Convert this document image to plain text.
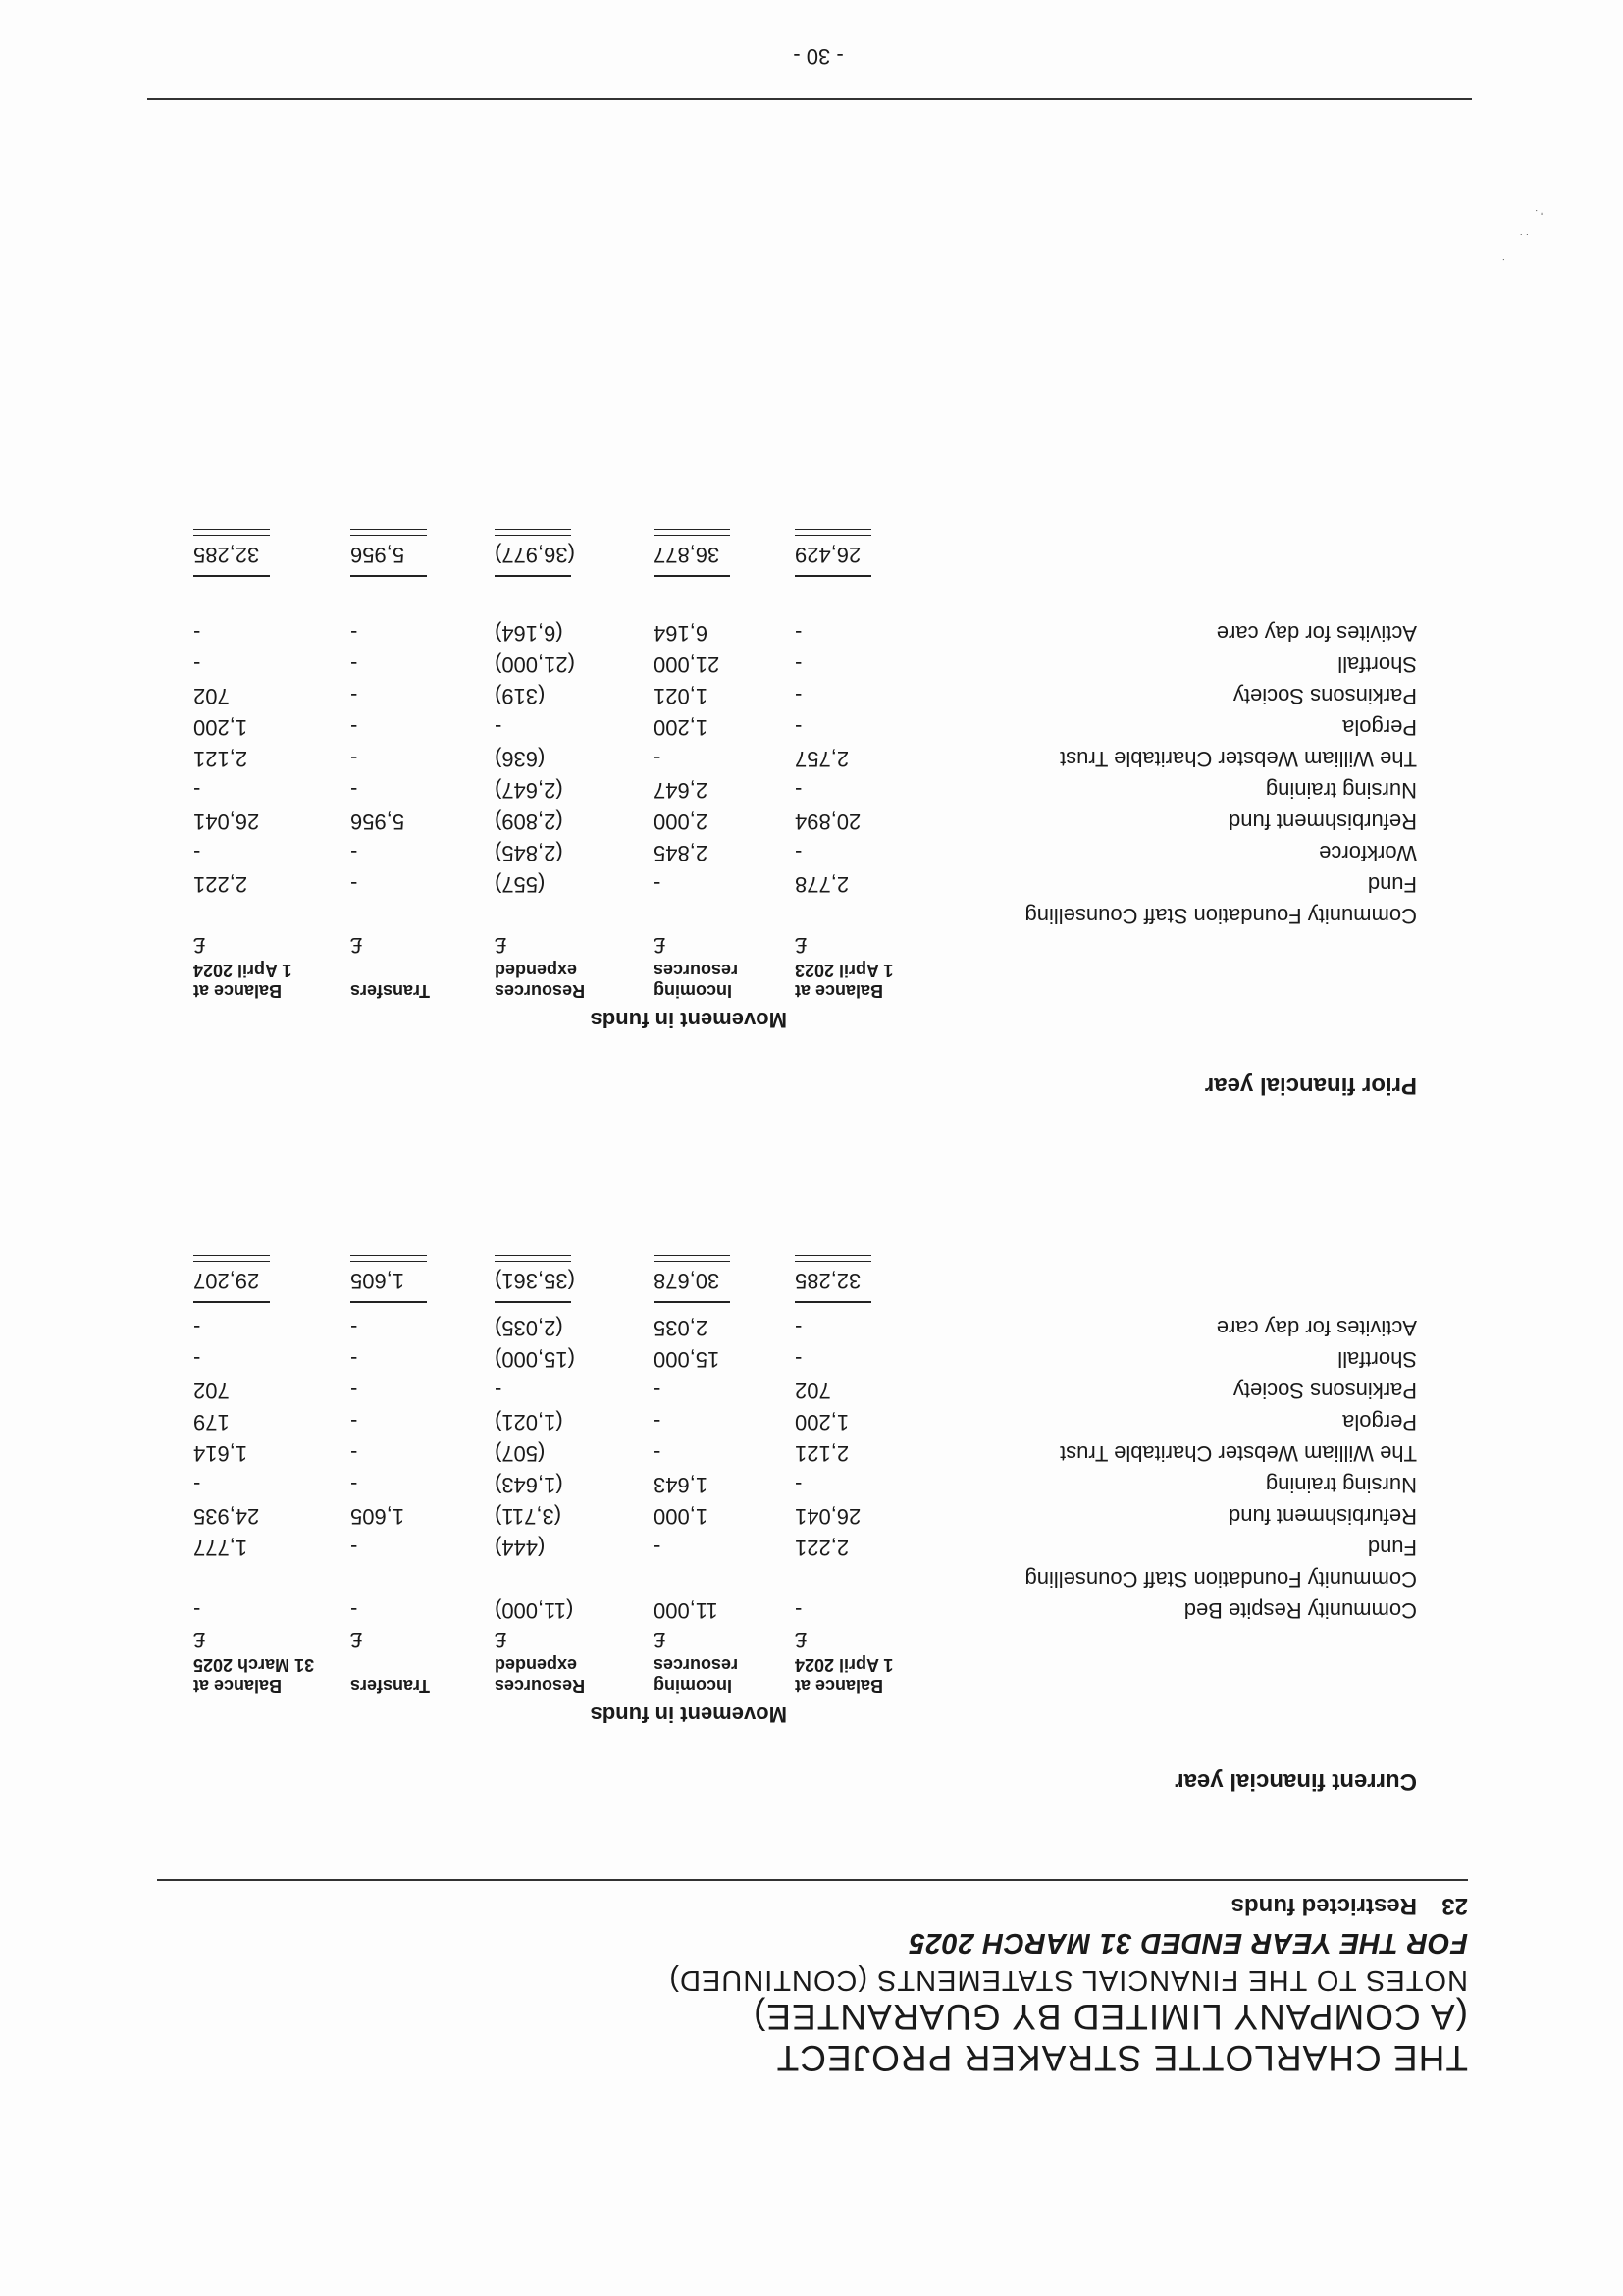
THE CHARLOTTE STRAKER PROJECT
(A COMPANY LIMITED BY GUARANTEE)
NOTES TO THE FINANCIAL STATEMENTS (CONTINUED)
FOR THE YEAR ENDED 31 MARCH 2025
23
Restricted funds
Current financial year
Movement in funds
Balance at
1 April 2024
Incoming
resources
Resources
expended
Transfers
Balance at
31 March 2025
£
£
£
£
£
Community Respite Bed
-
11,000
(11,000)
-
-
Community Foundation Staff Counselling
Fund
2,221
-
(444)
-
1,777
Refurbishment fund
26,041
1,000
(3,711)
1,605
24,935
Nursing training
-
1,643
(1,643)
-
-
The William Webster Charitable Trust
2,121
-
(507)
-
1,614
Pergola
1,200
-
(1,021)
-
179
Parkinsons Society
702
-
-
-
702
Shortfall
-
15,000
(15,000)
-
-
Activites for day care
-
2,035
(2,035)
-
-
32,285
30,678
(35,361)
1,605
29,207
Prior financial year
Movement in funds
Balance at
1 April 2023
Incoming
resources
Resources
expended
Transfers
Balance at
1 April 2024
£
£
£
£
£
Community Foundation Staff Counselling
Fund
2,778
-
(557)
-
2,221
Workforce
-
2,845
(2,845)
-
-
Refurbishment fund
20,894
2,000
(2,809)
5,956
26,041
Nursing training
-
2,647
(2,647)
-
-
The William Webster Charitable Trust
2,757
-
(636)
-
2,121
Pergola
-
1,200
-
-
1,200
Parkinsons Society
-
1,021
(319)
-
702
Shortfall
-
21,000
(21,000)
-
-
Activites for day care
-
6,164
(6,164)
-
-
26,429
36,877
(36,977)
5,956
32,285
- 30 -
·
· ·
' ·
